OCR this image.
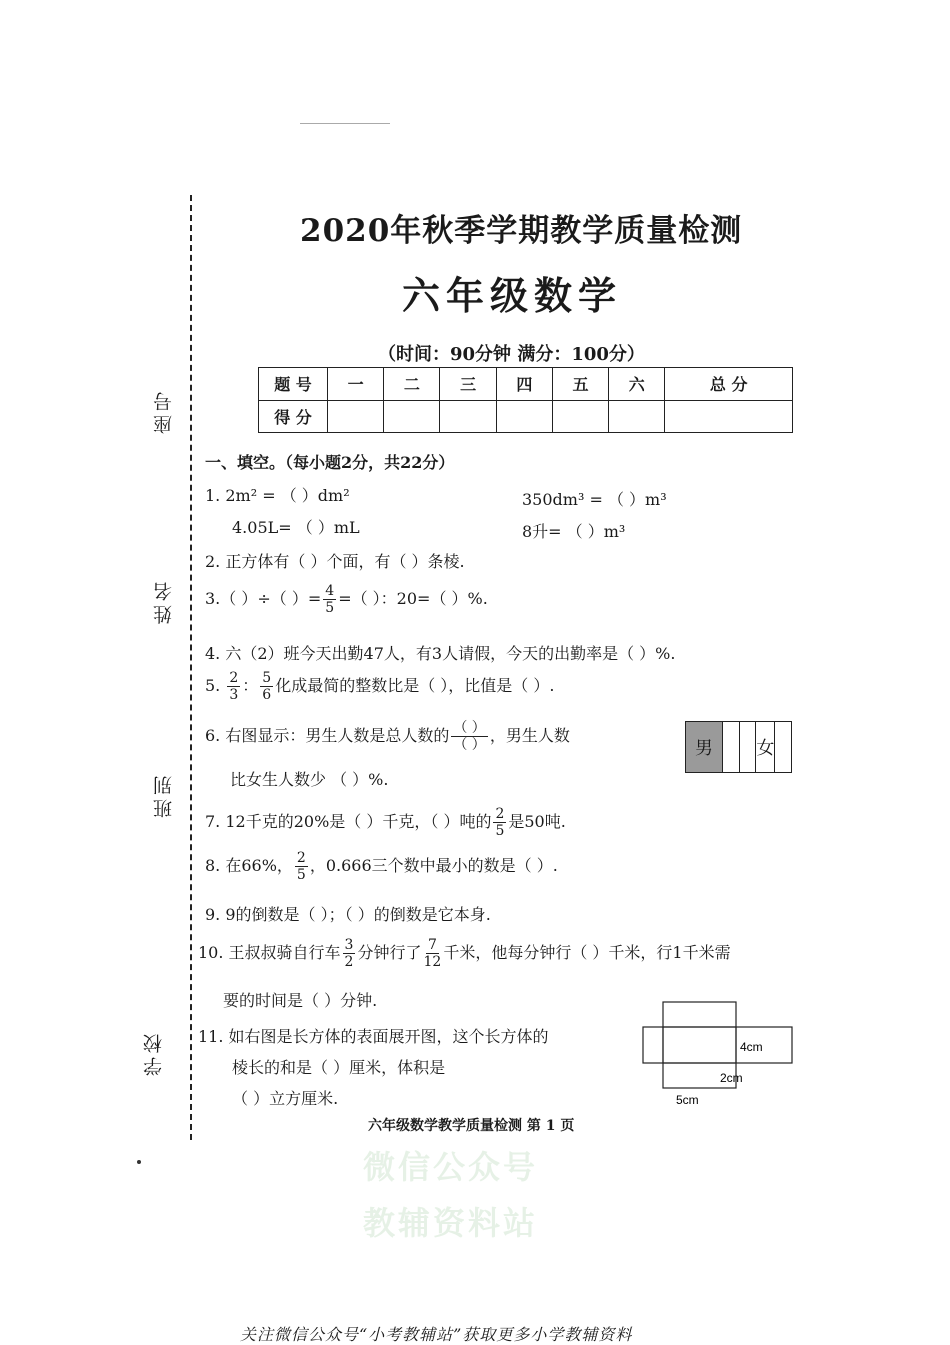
座号
姓名
班别
学校
2020年秋季学期教学质量检测
六年级数学
（时间：90分钟 满分：100分）
题 号	一	二	三	四	五	六	总 分
得 分							
一、填空。（每小题2分，共22分）
1. 2m² = （ ）dm²	350dm³ = （ ）m³
4.05L= （ ）mL	8升= （ ）m³
2. 正方体有（ ）个面，有（ ）条棱.
3.（ ）÷（ ）= $\frac{4}{5}$ =（ ）：20=（ ）%.
4. 六（2）班今天出勤47人，有3人请假，今天的出勤率是（ ）%.
5. $\frac{2}{3}$ ： $\frac{5}{6}$ 化成最简的整数比是（ ），比值是（ ）.
6. 右图显示：男生人数是总人数的 $\frac{( )}{( )}$ ，男生人数
比女生人数少 （ ）%.
男	女
7. 12千克的20%是（ ）千克，（ ）吨的 $\frac{2}{5}$ 是50吨.
8. 在66%， $\frac{2}{5}$ ，0.666三个数中最小的数是（ ）.
9. 9的倒数是（ ）；（ ）的倒数是它本身.
10. 王叔叔骑自行车 $\frac{3}{2}$ 分钟行了 $\frac{7}{12}$ 千米，他每分钟行（ ）千米，行1千米需
要的时间是（ ）分钟.
11. 如右图是长方体的表面展开图，这个长方体的
棱长的和是（ ）厘米，体积是
（ ）立方厘米.
4cm
2cm
5cm
六年级数学教学质量检测 第 1 页
微信公众号
教辅资料站
关注微信公众号“小考教辅站”获取更多小学教辅资料
